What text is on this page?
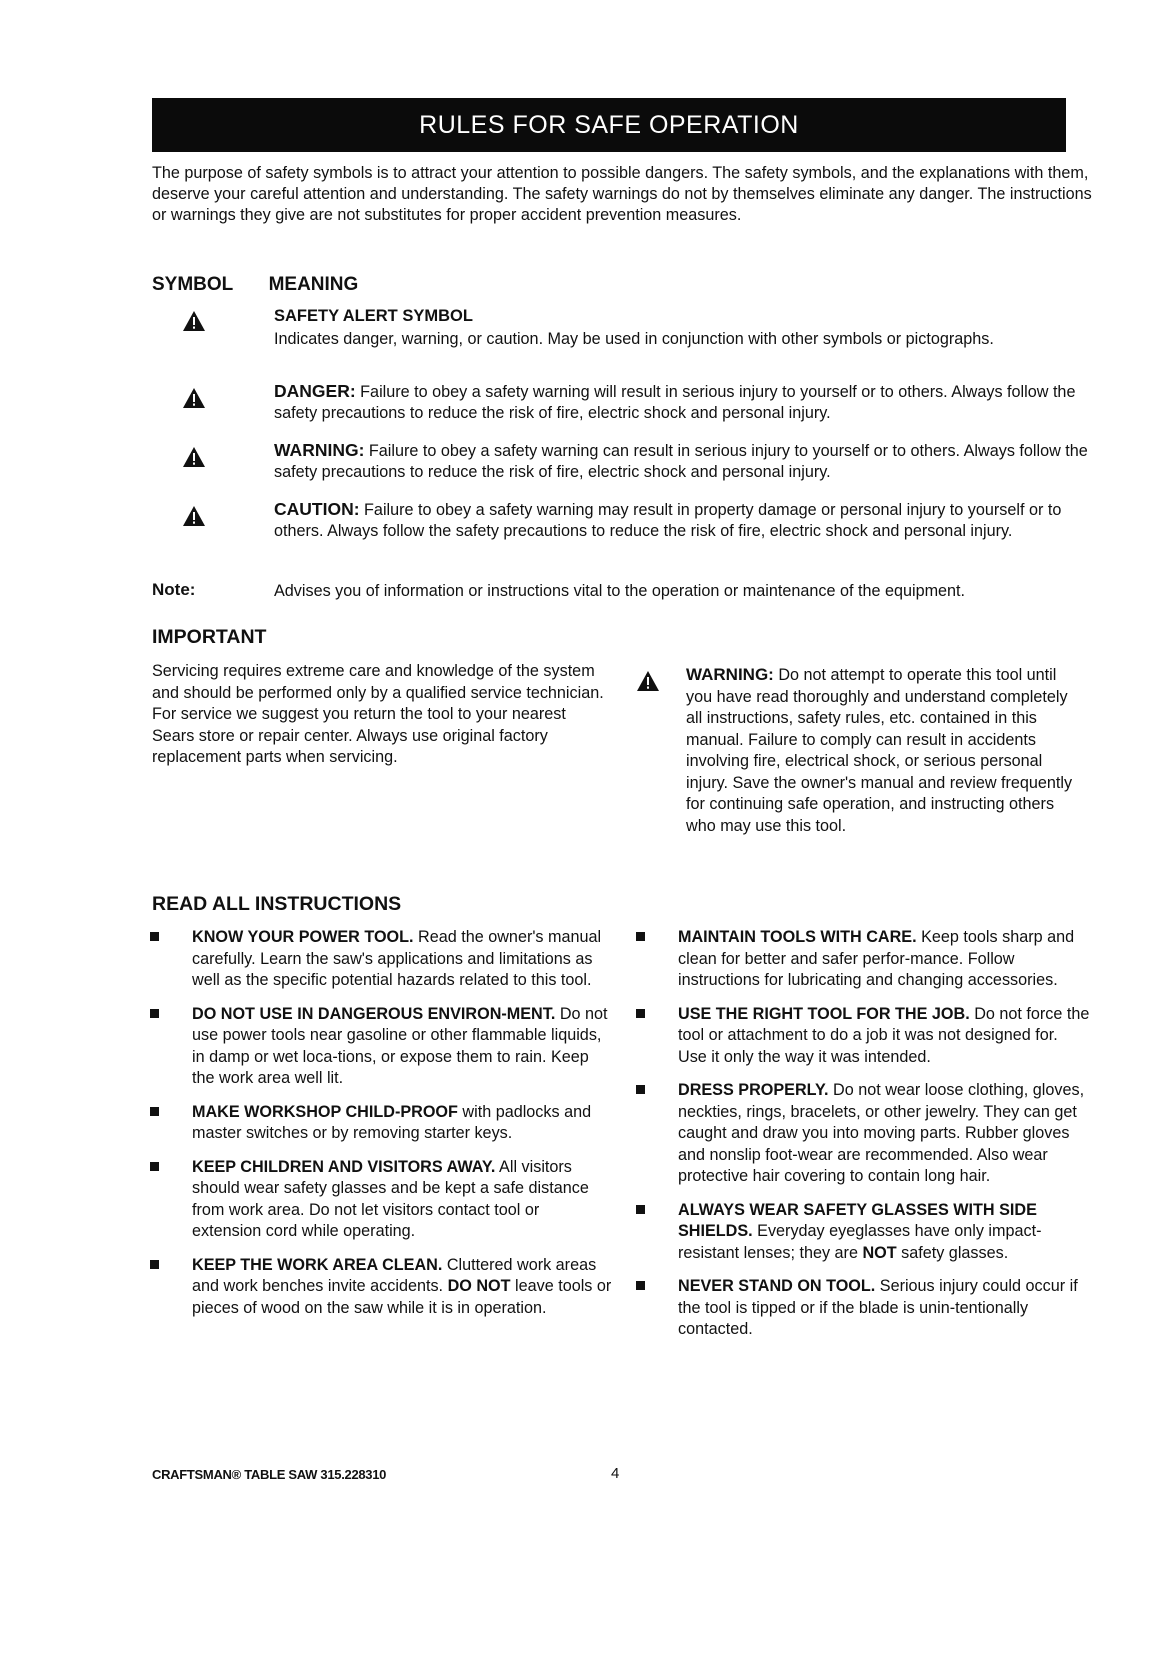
RULES FOR SAFE OPERATION

The purpose of safety symbols is to attract your attention to possible dangers. The safety symbols, and the explanations with them, deserve your careful attention and understanding. The safety warnings do not by themselves eliminate any danger. The instructions or warnings they give are not substitutes for proper accident prevention measures.

SYMBOL MEANING
SAFETY ALERT SYMBOL
Indicates danger, warning, or caution. May be used in conjunction with other symbols or pictographs.
DANGER: Failure to obey a safety warning will result in serious injury to yourself or to others. Always follow the safety precautions to reduce the risk of fire, electric shock and personal injury.
WARNING: Failure to obey a safety warning can result in serious injury to yourself or to others. Always follow the safety precautions to reduce the risk of fire, electric shock and personal injury.
CAUTION: Failure to obey a safety warning may result in property damage or personal injury to yourself or to others. Always follow the safety precautions to reduce the risk of fire, electric shock and personal injury.
Note:	Advises you of information or instructions vital to the operation or maintenance of the equipment.
IMPORTANT

Servicing requires extreme care and knowledge of the system and should be performed only by a qualified service technician. For service we suggest you return the tool to your nearest Sears store or repair center. Always use original factory replacement parts when servicing.

WARNING: Do not attempt to operate this tool until you have read thoroughly and understand completely all instructions, safety rules, etc. contained in this manual. Failure to comply can result in accidents involving fire, electrical shock, or serious personal injury. Save the owner's manual and review frequently for continuing safe operation, and instructing others who may use this tool.
READ ALL INSTRUCTIONS
KNOW YOUR POWER TOOL. Read the owner's manual carefully. Learn the saw's applications and limitations as well as the specific potential hazards related to this tool.
DO NOT USE IN DANGEROUS ENVIRON-MENT. Do not use power tools near gasoline or other flammable liquids, in damp or wet loca-tions, or expose them to rain. Keep the work area well lit.
MAKE WORKSHOP CHILD-PROOF with padlocks and master switches or by removing starter keys.
KEEP CHILDREN AND VISITORS AWAY. All visitors should wear safety glasses and be kept a safe distance from work area. Do not let visitors contact tool or extension cord while operating.
KEEP THE WORK AREA CLEAN. Cluttered work areas and work benches invite accidents. DO NOT leave tools or pieces of wood on the saw while it is in operation.
MAINTAIN TOOLS WITH CARE. Keep tools sharp and clean for better and safer perfor-mance. Follow instructions for lubricating and changing accessories.
USE THE RIGHT TOOL FOR THE JOB. Do not force the tool or attachment to do a job it was not designed for. Use it only the way it was intended.
DRESS PROPERLY. Do not wear loose clothing, gloves, neckties, rings, bracelets, or other jewelry. They can get caught and draw you into moving parts. Rubber gloves and nonslip foot-wear are recommended. Also wear protective hair covering to contain long hair.
ALWAYS WEAR SAFETY GLASSES WITH SIDE SHIELDS. Everyday eyeglasses have only impact-resistant lenses; they are NOT safety glasses.
NEVER STAND ON TOOL. Serious injury could occur if the tool is tipped or if the blade is unin-tentionally contacted.
CRAFTSMAN® TABLE SAW 315.228310	4
